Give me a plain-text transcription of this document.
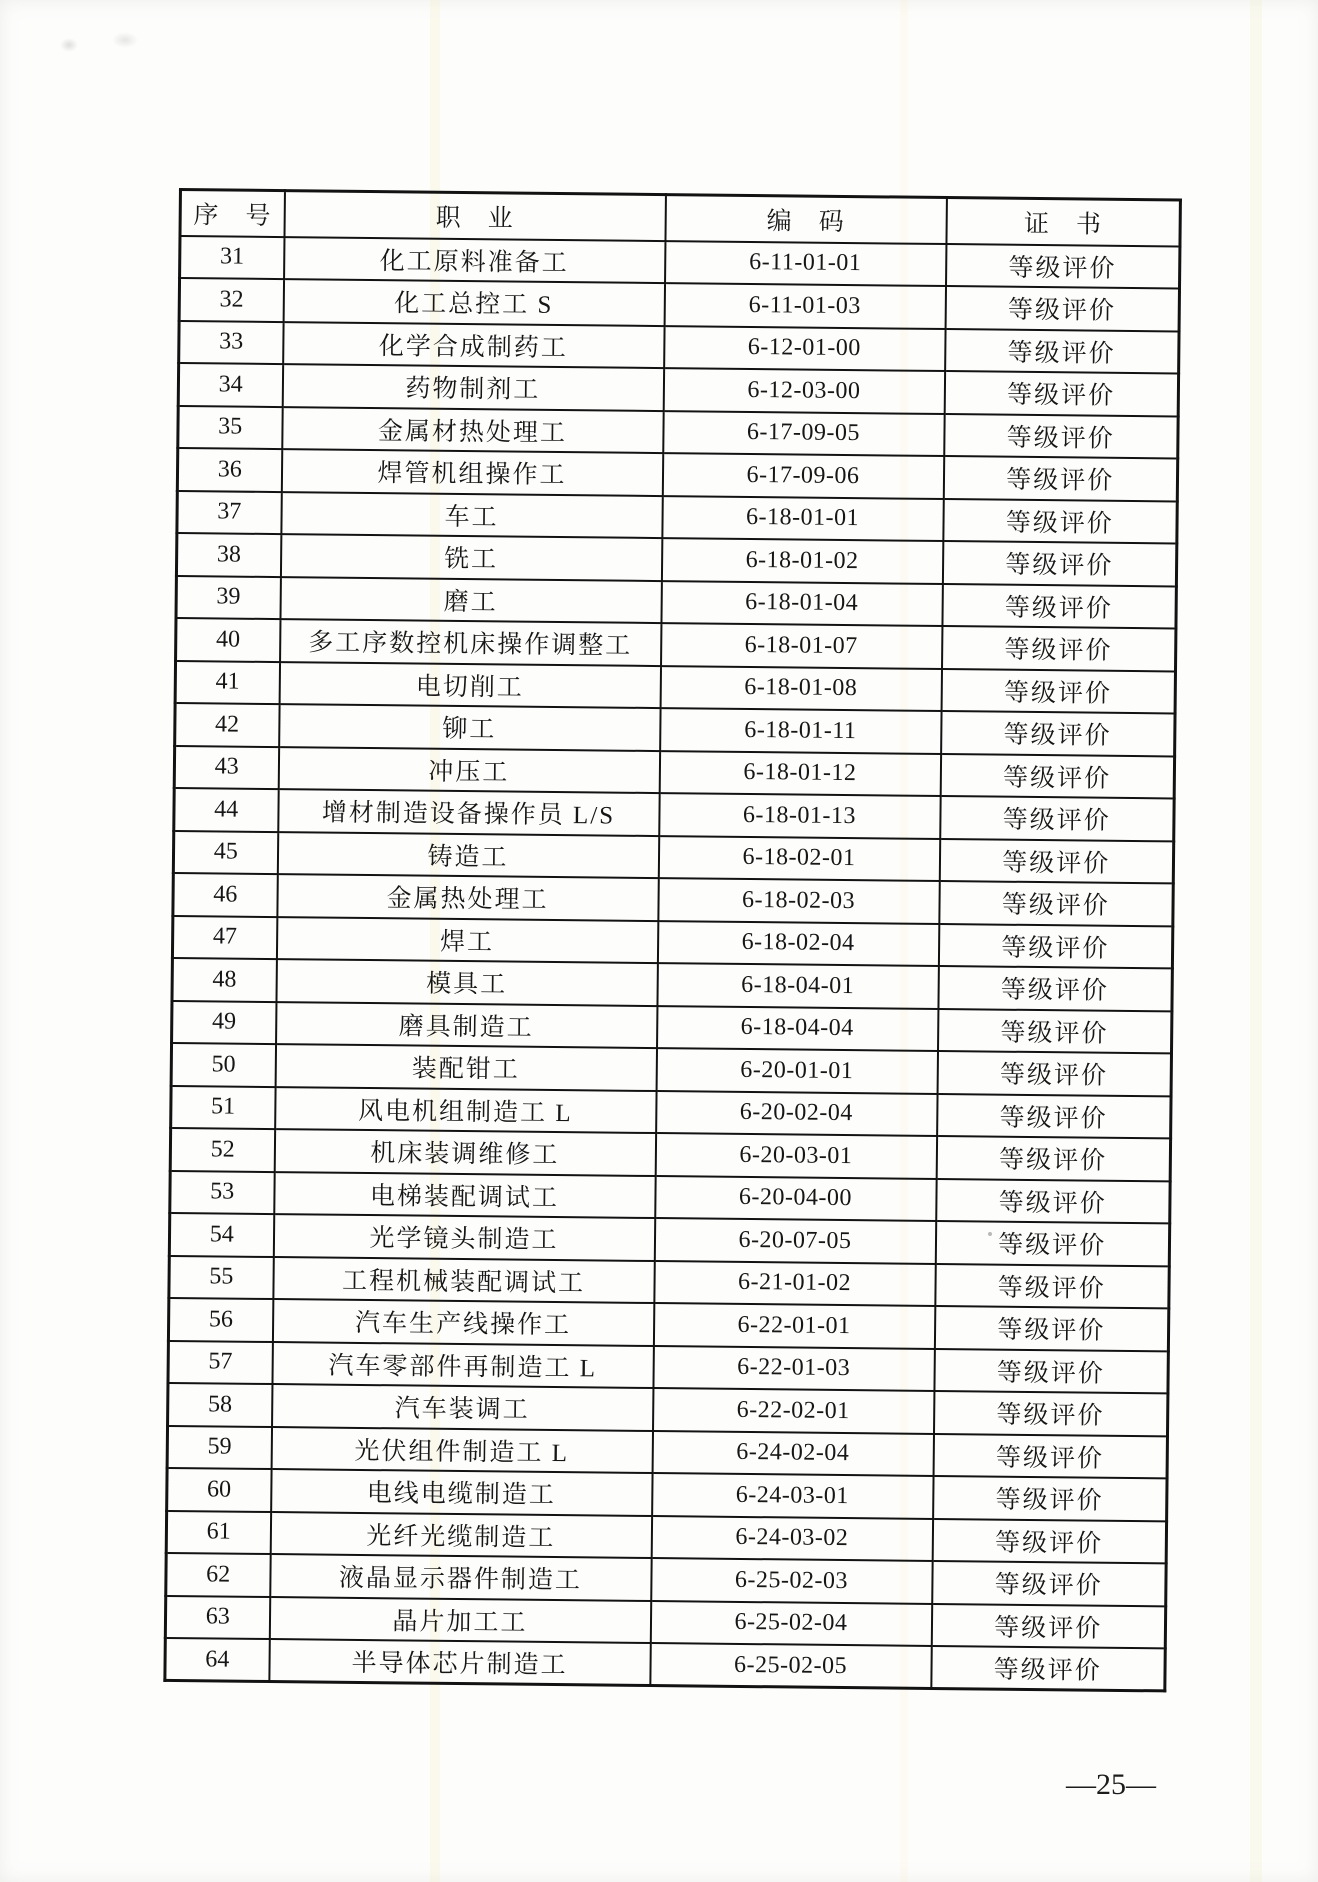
序　号	职　业	编　码	证　书
31	化工原料准备工	6-11-01-01	等级评价
32	化工总控工 S	6-11-01-03	等级评价
33	化学合成制药工	6-12-01-00	等级评价
34	药物制剂工	6-12-03-00	等级评价
35	金属材热处理工	6-17-09-05	等级评价
36	焊管机组操作工	6-17-09-06	等级评价
37	车工	6-18-01-01	等级评价
38	铣工	6-18-01-02	等级评价
39	磨工	6-18-01-04	等级评价
40	多工序数控机床操作调整工	6-18-01-07	等级评价
41	电切削工	6-18-01-08	等级评价
42	铆工	6-18-01-11	等级评价
43	冲压工	6-18-01-12	等级评价
44	增材制造设备操作员 L/S	6-18-01-13	等级评价
45	铸造工	6-18-02-01	等级评价
46	金属热处理工	6-18-02-03	等级评价
47	焊工	6-18-02-04	等级评价
48	模具工	6-18-04-01	等级评价
49	磨具制造工	6-18-04-04	等级评价
50	装配钳工	6-20-01-01	等级评价
51	风电机组制造工 L	6-20-02-04	等级评价
52	机床装调维修工	6-20-03-01	等级评价
53	电梯装配调试工	6-20-04-00	等级评价
54	光学镜头制造工	6-20-07-05	等级评价
55	工程机械装配调试工	6-21-01-02	等级评价
56	汽车生产线操作工	6-22-01-01	等级评价
57	汽车零部件再制造工 L	6-22-01-03	等级评价
58	汽车装调工	6-22-02-01	等级评价
59	光伏组件制造工 L	6-24-02-04	等级评价
60	电线电缆制造工	6-24-03-01	等级评价
61	光纤光缆制造工	6-24-03-02	等级评价
62	液晶显示器件制造工	6-25-02-03	等级评价
63	晶片加工工	6-25-02-04	等级评价
64	半导体芯片制造工	6-25-02-05	等级评价
—25—
